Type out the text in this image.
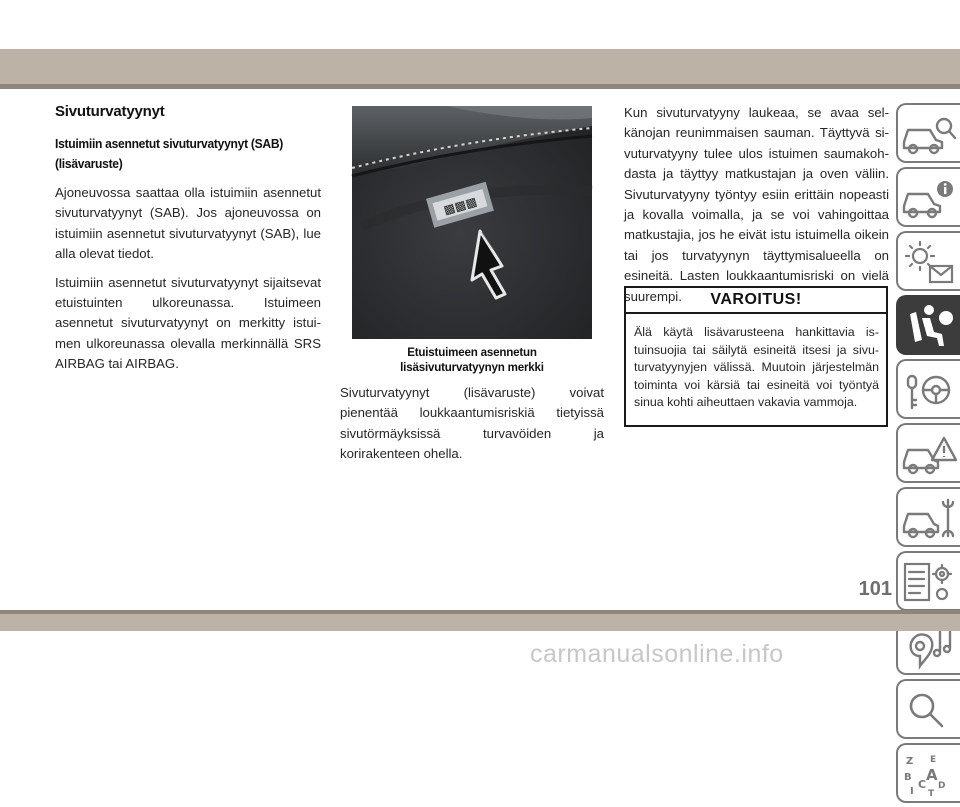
Sivuturvatyynyt
Istuimiin asennetut sivuturvatyynyt (SAB) (lisävaruste)

Ajoneuvossa saattaa olla istuimiin asennetut sivuturvatyynyt (SAB). Jos ajoneuvossa on istuimiin asennetut sivuturvatyynyt (SAB), lue alla olevat tiedot.

Istuimiin asennetut sivuturvatyynyt sijaitsevat etuistuinten ulkoreunassa. Istuimeen asennetut sivuturvatyynyt on merkitty istuimen ulkoreunassa olevalla merkinnällä SRS AIRBAG tai AIRBAG.

▩▩▩
Etuistuimeen asennetun
lisäsivuturvatyynyn merkki

Sivuturvatyynyt (lisävaruste) voivat pienentää loukkaantumisriskiä tietyissä sivutörmäyksissä turvavöiden ja korirakenteen ohella.

Kun sivuturvatyyny laukeaa, se avaa selkänojan reunimmaisen sauman. Täyttyvä sivuturvatyyny tulee ulos istuimen saumakohdasta ja täyttyy matkustajan ja oven väliin. Sivuturvatyyny työntyy esiin erittäin nopeasti ja kovalla voimalla, ja se voi vahingoittaa matkustajia, jos he eivät istu istuimella oikein tai jos turvatyynyn täyttymisalueella on esineitä. Lasten loukkaantumisriski on vielä suurempi.	VAROITUS!
Älä käytä lisävarusteena hankittavia istuinsuojia tai säilytä esineitä itsesi ja sivuturvatyynyjen välissä. Muutoin järjestelmän toiminta voi kärsiä tai esineitä voi työntyä sinua kohti aiheuttaen vakavia vammoja.
Z E
B A
I
C D
T
101
carmanualsonline.info
